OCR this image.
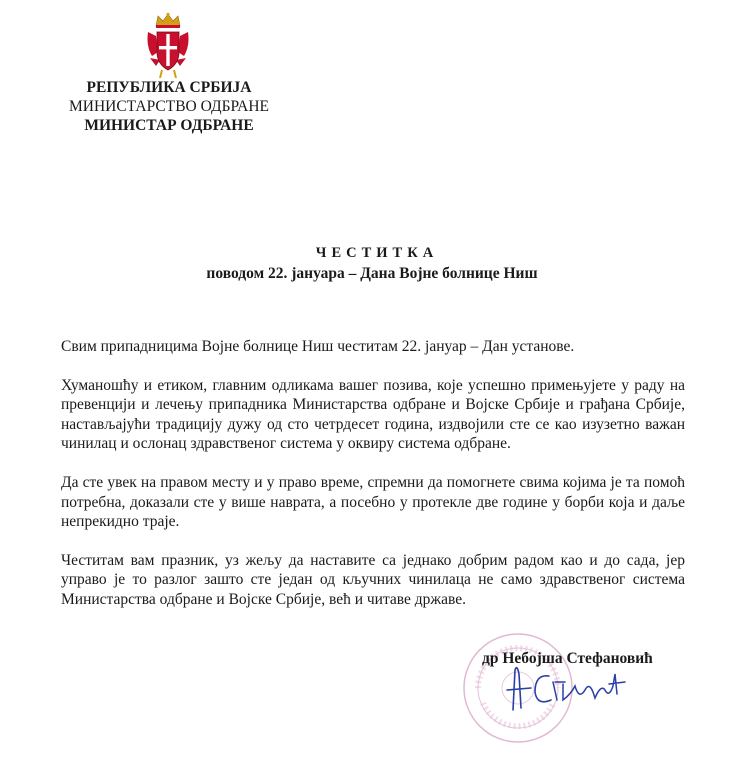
РЕПУБЛИКА СРБИЈА
МИНИСТАРСТВО ОДБРАНЕ
МИНИСТАР ОДБРАНЕ
ЧЕСТИТКА
поводом 22. јануара – Дана Војне болнице Ниш

Свим припадницима Војне болнице Ниш честитам 22. јануар – Дан установе.

Хуманошћу и етиком, главним одликама вашег позива, које успешно примењујете у раду на превенцији и лечењу припадника Министарства одбране и Војске Србије и грађана Србије, настављајући традицију дужу од сто четрдесет година, издвојили сте се као изузетно важан чинилац и ослонац здравственог система у оквиру система одбране.

Да сте увек на правом месту и у право време, спремни да помогнете свима којима је та помоћ потребна, доказали сте у више наврата, а посебно у протекле две године у борби која и даље непрекидно траје.

Честитам вам празник, уз жељу да наставите са једнако добрим радом као и до сада, јер управо је то разлог зашто сте један од кључних чинилаца не само здравственог система Министарства одбране и Војске Србије, већ и читаве државе.

др Небојша Стефановић
